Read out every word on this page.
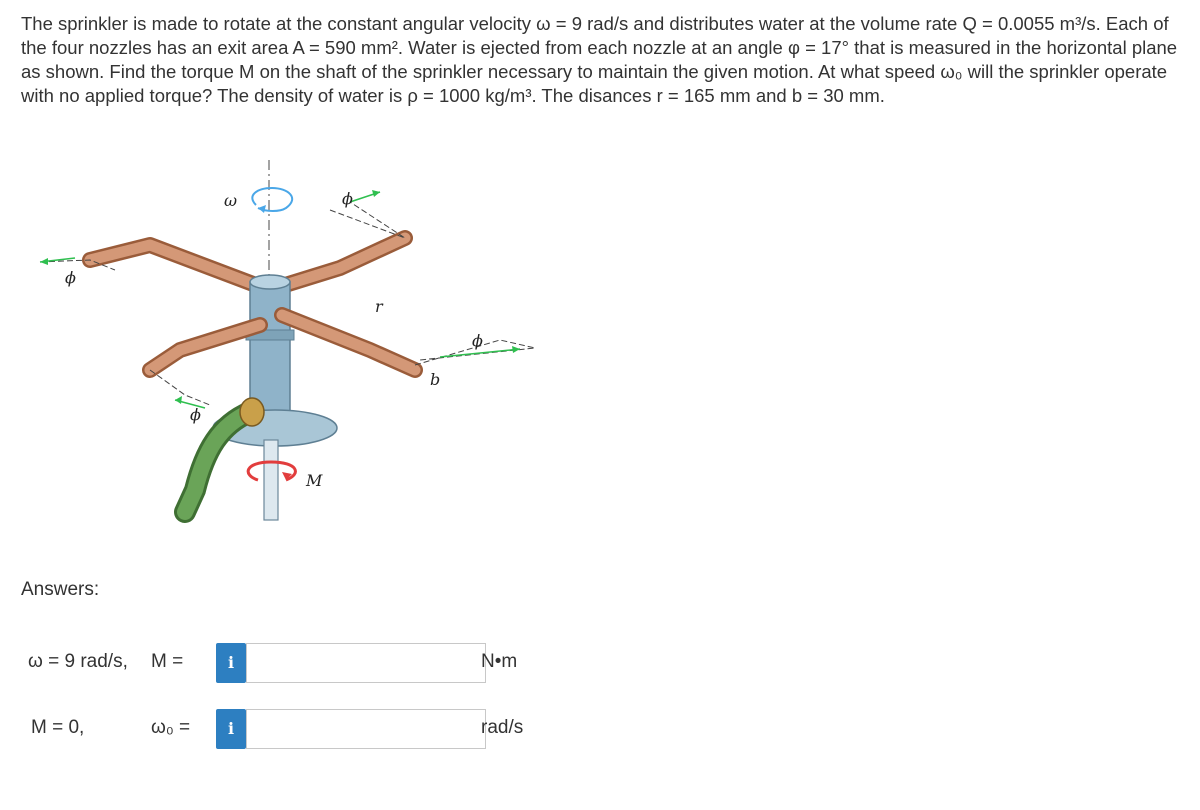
The sprinkler is made to rotate at the constant angular velocity ω = 9 rad/s and distributes water at the volume rate Q = 0.0055 m³/s. Each of the four nozzles has an exit area A = 590 mm². Water is ejected from each nozzle at an angle φ = 17° that is measured in the horizontal plane as shown. Find the torque M on the shaft of the sprinkler necessary to maintain the given motion. At what speed ω₀ will the sprinkler operate with no applied torque? The density of water is ρ = 1000 kg/m³. The disances r = 165 mm and b = 30 mm.
ω	ϕ
ϕ
ϕ
r
b
ϕ
M
Answers:
ω = 9 rad/s, M =	i	N•m
M = 0,	ω₀ =	i	rad/s
